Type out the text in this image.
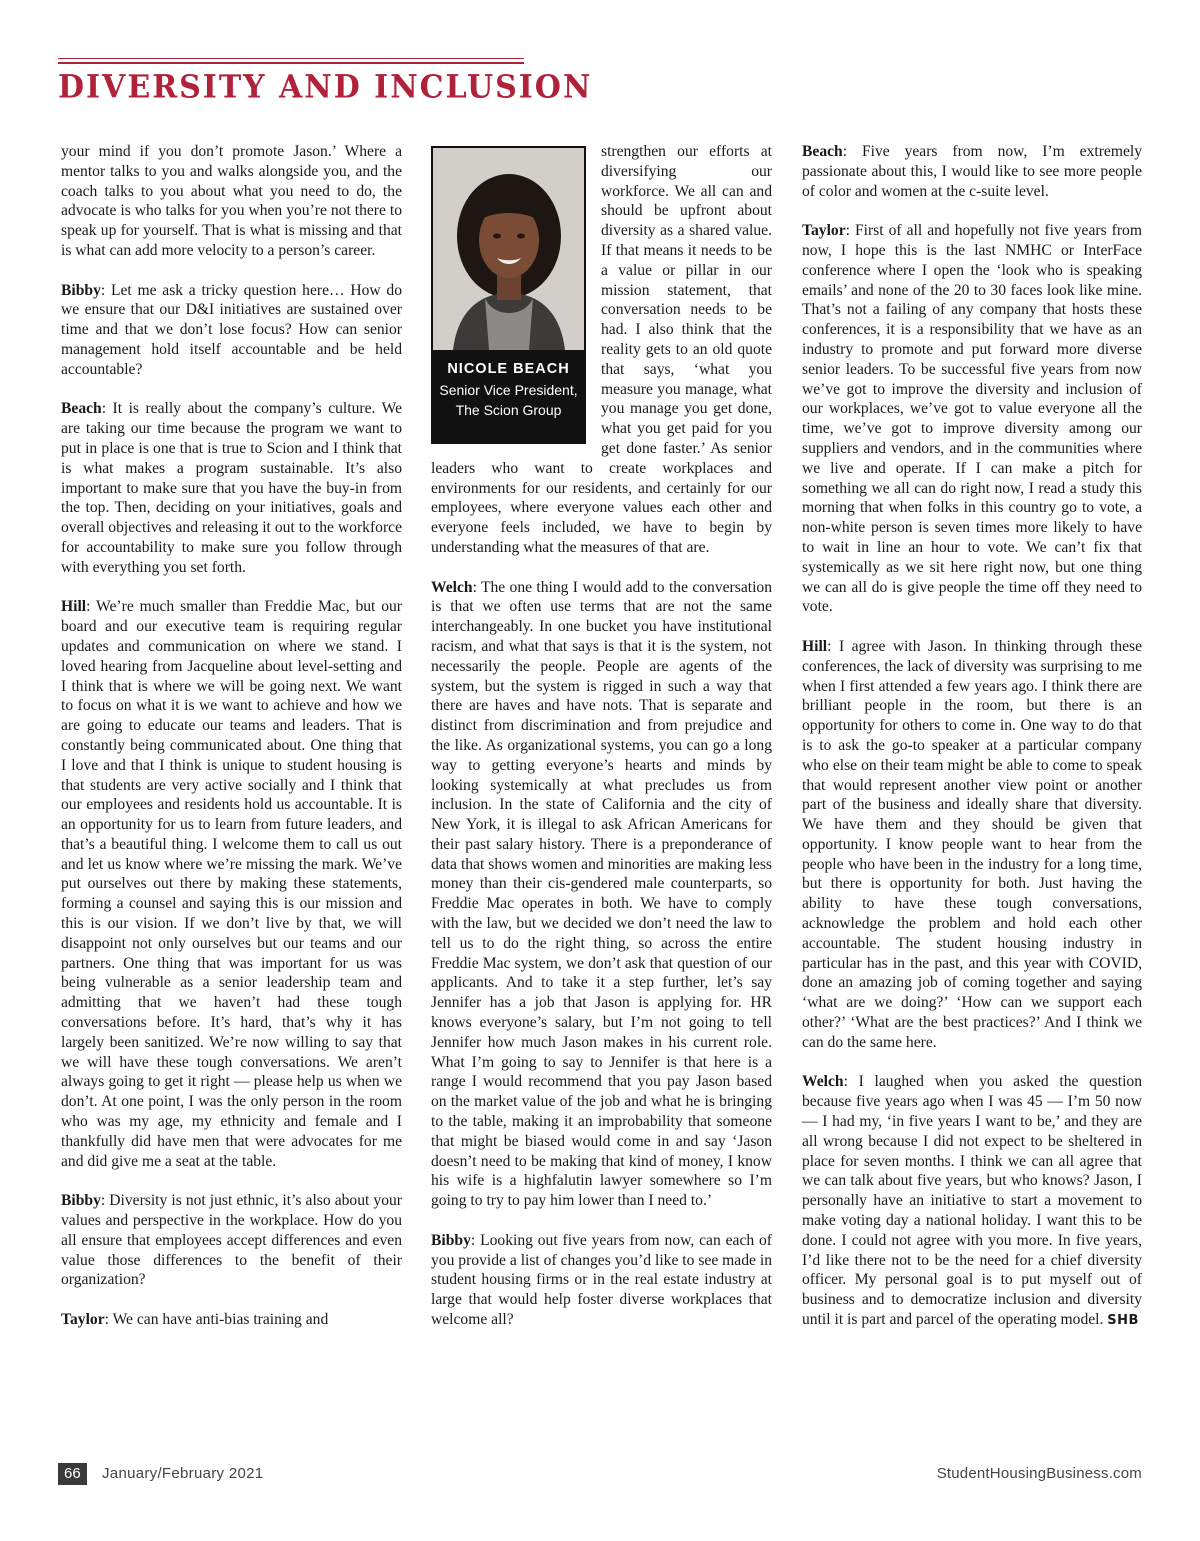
DIVERSITY AND INCLUSION

your mind if you don’t promote Jason.’ Where a mentor talks to you and walks alongside you, and the coach talks to you about what you need to do, the advocate is who talks for you when you’re not there to speak up for yourself. That is what is missing and that is what can add more velocity to a person’s career.

Bibby: Let me ask a tricky question here… How do we ensure that our D&I initiatives are sustained over time and that we don’t lose focus? How can senior management hold itself accountable and be held accountable?

Beach: It is really about the company’s culture. We are taking our time because the program we want to put in place is one that is true to Scion and I think that is what makes a program sustainable. It’s also important to make sure that you have the buy-in from the top. Then, deciding on your initiatives, goals and overall objectives and releasing it out to the workforce for accountability to make sure you follow through with everything you set forth.

Hill: We’re much smaller than Freddie Mac, but our board and our executive team is requiring regular updates and communication on where we stand. I loved hearing from Jacqueline about level-setting and I think that is where we will be going next. We want to focus on what it is we want to achieve and how we are going to educate our teams and leaders. That is constantly being communicated about. One thing that I love and that I think is unique to student housing is that students are very active socially and I think that our employees and residents hold us accountable. It is an opportunity for us to learn from future leaders, and that’s a beautiful thing. I welcome them to call us out and let us know where we’re missing the mark. We’ve put ourselves out there by making these statements, forming a counsel and saying this is our mission and this is our vision. If we don’t live by that, we will disappoint not only ourselves but our teams and our partners. One thing that was important for us was being vulnerable as a senior leadership team and admitting that we haven’t had these tough conversations before. It’s hard, that’s why it has largely been sanitized. We’re now willing to say that we will have these tough conversations. We aren’t always going to get it right — please help us when we don’t. At one point, I was the only person in the room who was my age, my ethnicity and female and I thankfully did have men that were advocates for me and did give me a seat at the table.

Bibby: Diversity is not just ethnic, it’s also about your values and perspective in the workplace. How do you all ensure that employees accept differences and even value those differences to the benefit of their organization?

Taylor: We can have anti-bias training and

NICOLE BEACH
Senior Vice President,
The Scion Group

strengthen our efforts at diversifying our workforce. We all can and should be upfront about diversity as a shared value. If that means it needs to be a value or pillar in our mission statement, that conversation needs to be had. I also think that the reality gets to an old quote that says, ‘what you measure you manage, what you manage you get done, what you get paid for you get done faster.’ As senior leaders who want to create workplaces and environments for our residents, and certainly for our employees, where everyone values each other and everyone feels included, we have to begin by understanding what the measures of that are.

Welch: The one thing I would add to the conversation is that we often use terms that are not the same interchangeably. In one bucket you have institutional racism, and what that says is that it is the system, not necessarily the people. People are agents of the system, but the system is rigged in such a way that there are haves and have nots. That is separate and distinct from discrimination and from prejudice and the like. As organizational systems, you can go a long way to getting everyone’s hearts and minds by looking systemically at what precludes us from inclusion. In the state of California and the city of New York, it is illegal to ask African Americans for their past salary history. There is a preponderance of data that shows women and minorities are making less money than their cis-gendered male counterparts, so Freddie Mac operates in both. We have to comply with the law, but we decided we don’t need the law to tell us to do the right thing, so across the entire Freddie Mac system, we don’t ask that question of our applicants. And to take it a step further, let’s say Jennifer has a job that Jason is applying for. HR knows everyone’s salary, but I’m not going to tell Jennifer how much Jason makes in his current role. What I’m going to say to Jennifer is that here is a range I would recommend that you pay Jason based on the market value of the job and what he is bringing to the table, making it an improbability that someone that might be biased would come in and say ‘Jason doesn’t need to be making that kind of money, I know his wife is a highfalutin lawyer somewhere so I’m going to try to pay him lower than I need to.’

Bibby: Looking out five years from now, can each of you provide a list of changes you’d like to see made in student housing firms or in the real estate industry at large that would help foster diverse workplaces that welcome all?

Beach: Five years from now, I’m extremely passionate about this, I would like to see more people of color and women at the c-suite level.

Taylor: First of all and hopefully not five years from now, I hope this is the last NMHC or InterFace conference where I open the ‘look who is speaking emails’ and none of the 20 to 30 faces look like mine. That’s not a failing of any company that hosts these conferences, it is a responsibility that we have as an industry to promote and put forward more diverse senior leaders. To be successful five years from now we’ve got to improve the diversity and inclusion of our workplaces, we’ve got to value everyone all the time, we’ve got to improve diversity among our suppliers and vendors, and in the communities where we live and operate. If I can make a pitch for something we all can do right now, I read a study this morning that when folks in this country go to vote, a non-white person is seven times more likely to have to wait in line an hour to vote. We can’t fix that systemically as we sit here right now, but one thing we can all do is give people the time off they need to vote.

Hill: I agree with Jason. In thinking through these conferences, the lack of diversity was surprising to me when I first attended a few years ago. I think there are brilliant people in the room, but there is an opportunity for others to come in. One way to do that is to ask the go-to speaker at a particular company who else on their team might be able to come to speak that would represent another view point or another part of the business and ideally share that diversity. We have them and they should be given that opportunity. I know people want to hear from the people who have been in the industry for a long time, but there is opportunity for both. Just having the ability to have these tough conversations, acknowledge the problem and hold each other accountable. The student housing industry in particular has in the past, and this year with COVID, done an amazing job of coming together and saying ‘what are we doing?’ ‘How can we support each other?’ ‘What are the best practices?’ And I think we can do the same here.

Welch: I laughed when you asked the question because five years ago when I was 45 — I’m 50 now — I had my, ‘in five years I want to be,’ and they are all wrong because I did not expect to be sheltered in place for seven months. I think we can all agree that we can talk about five years, but who knows? Jason, I personally have an initiative to start a movement to make voting day a national holiday. I want this to be done. I could not agree with you more. In five years, I’d like there not to be the need for a chief diversity officer. My personal goal is to put myself out of business and to democratize inclusion and diversity until it is part and parcel of the operating model. SHB

66	January/February 2021	StudentHousingBusiness.com
